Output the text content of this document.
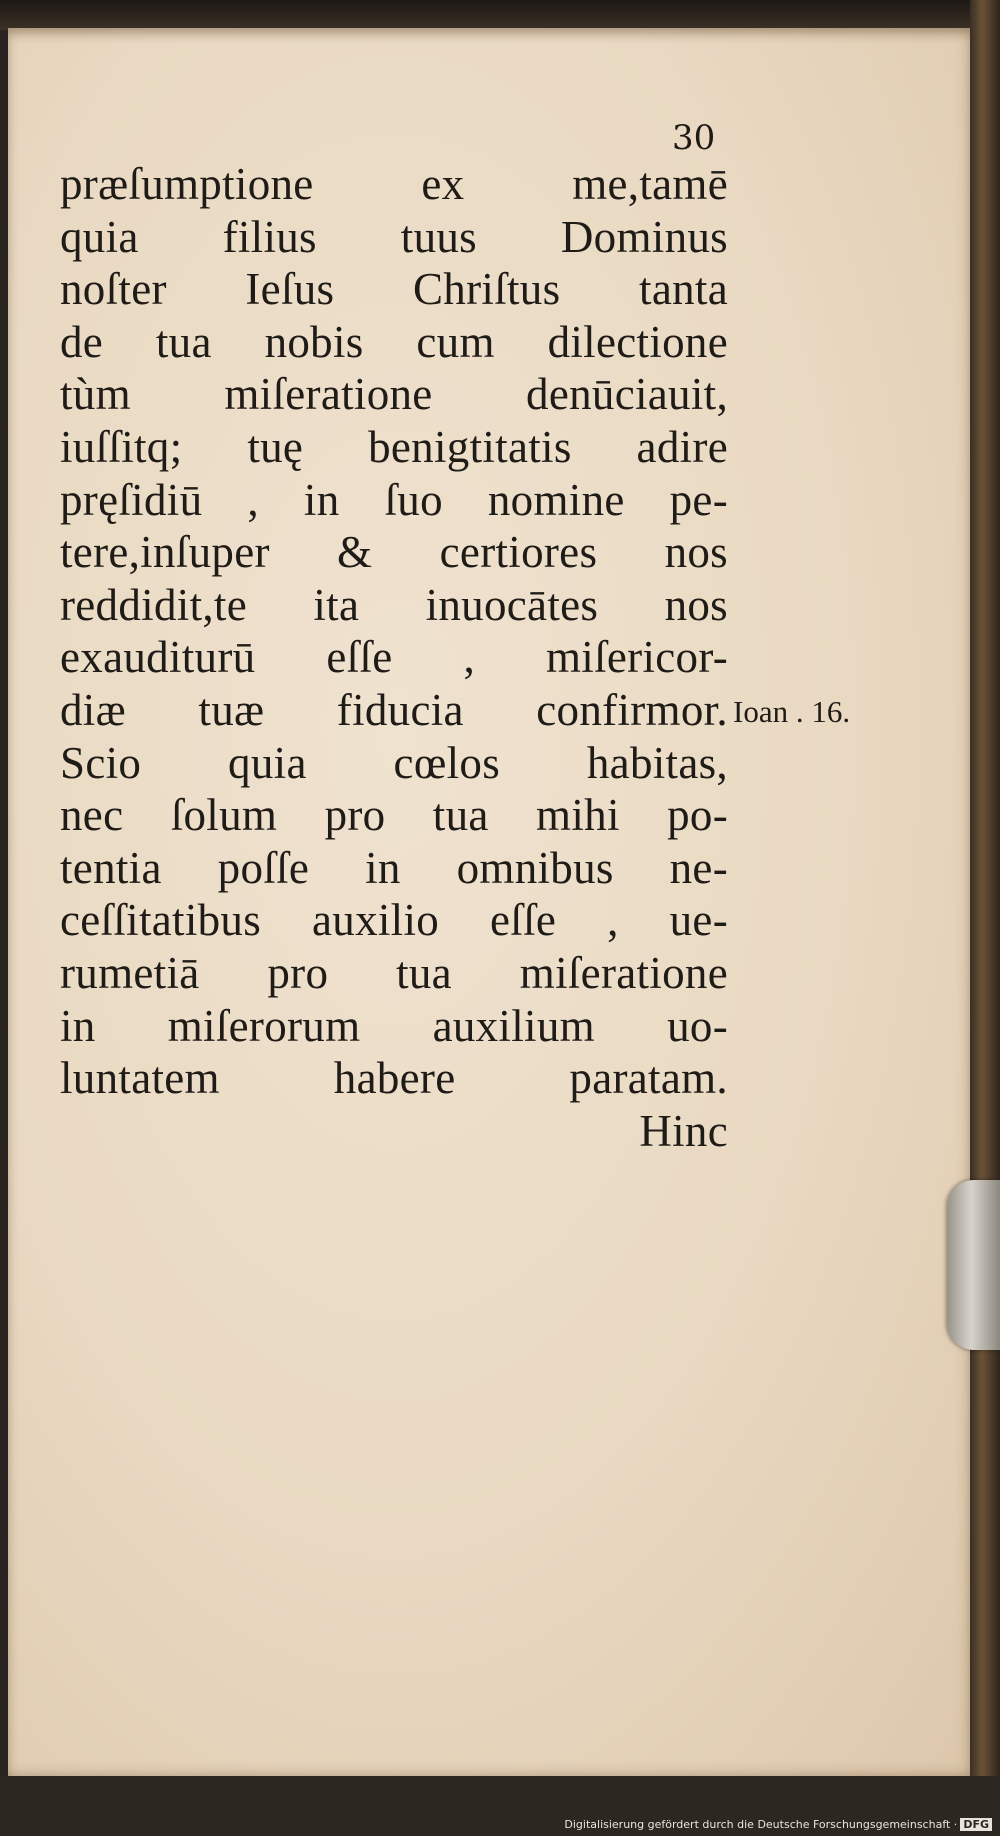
30
præſumptione ex me,tamē
quia filius tuus Dominus
noſter Ieſus Chriſtus tanta
de tua nobis cum dilectione
tùm miſeratione denūciauit,
iuſſitq; tuę benigtitatis adire
pręſidiū , in ſuo nomine pe-
tere,inſuper & certiores nos
reddidit,te ita inuocātes nos
exauditurū eſſe , miſericor-
diæ tuæ fiducia confirmor.
Scio quia cœlos habitas,
nec ſolum pro tua mihi po-
tentia poſſe in omnibus ne-
ceſſitatibus auxilio eſſe , ue-
rumetiā pro tua miſeratione
in miſerorum auxilium uo-
luntatem habere paratam.
Hinc
Ioan . 16.
Digitalisierung gefördert durch die Deutsche Forschungsgemeinschaft · DFG
